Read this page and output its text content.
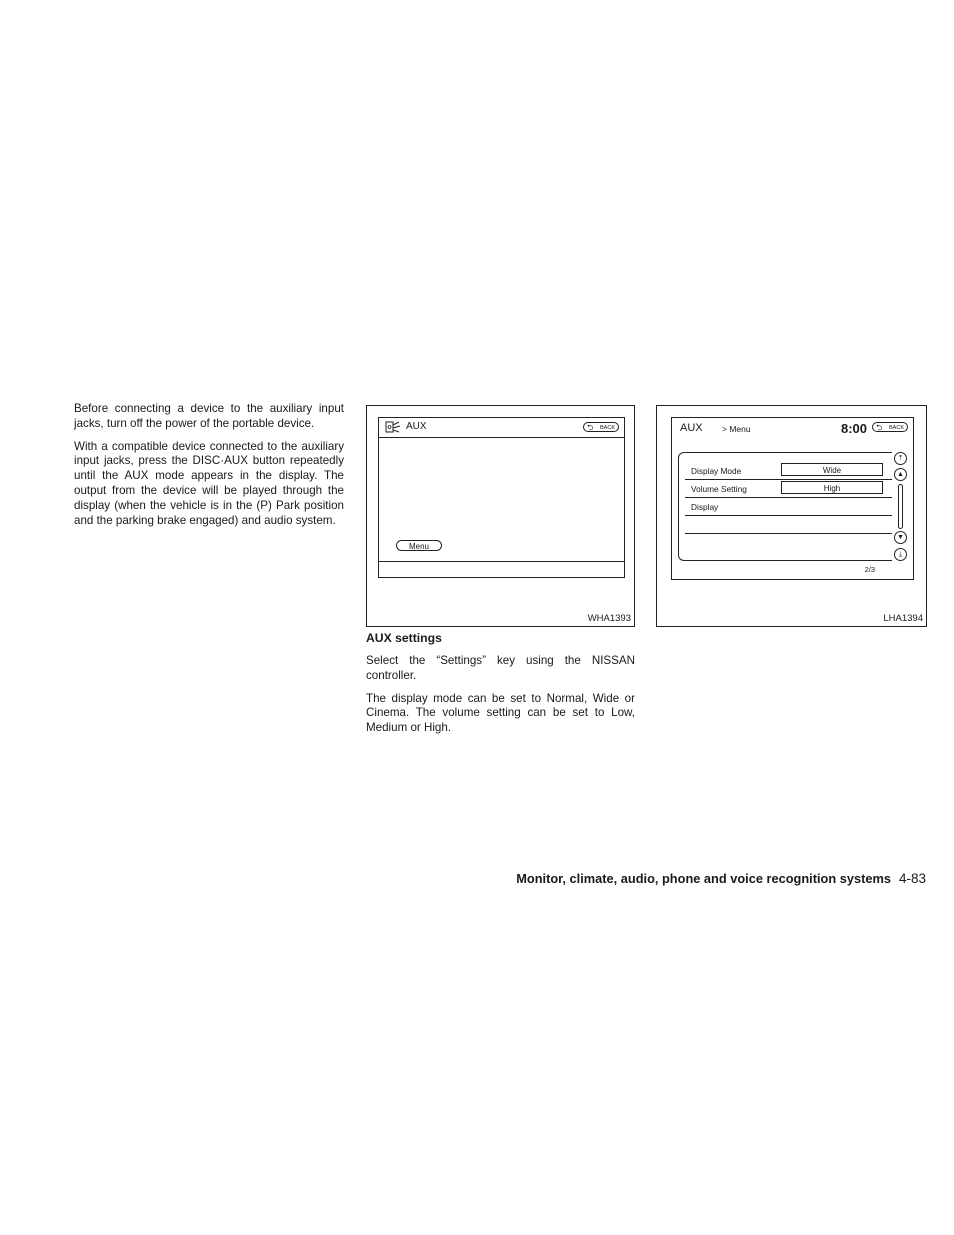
Before connecting a device to the auxiliary input jacks, turn off the power of the portable device.

With a compatible device connected to the auxiliary input jacks, press the DISC·AUX button repeatedly until the AUX mode appears in the display. The output from the device will be played through the display (when the vehicle is in the (P) Park position and the parking brake engaged) and audio system.

AUX	⮌ BACK
Menu
WHA1393
AUX > Menu	8:00 ⮌ BACK
Display Mode	Wide
Volume Setting	High
Display
⤒
▲
▼
⤓
2/3
LHA1394
AUX settings

Select the “Settings” key using the NISSAN controller.

The display mode can be set to Normal, Wide or Cinema. The volume setting can be set to Low, Medium or High.

Monitor, climate, audio, phone and voice recognition systems 4-83
